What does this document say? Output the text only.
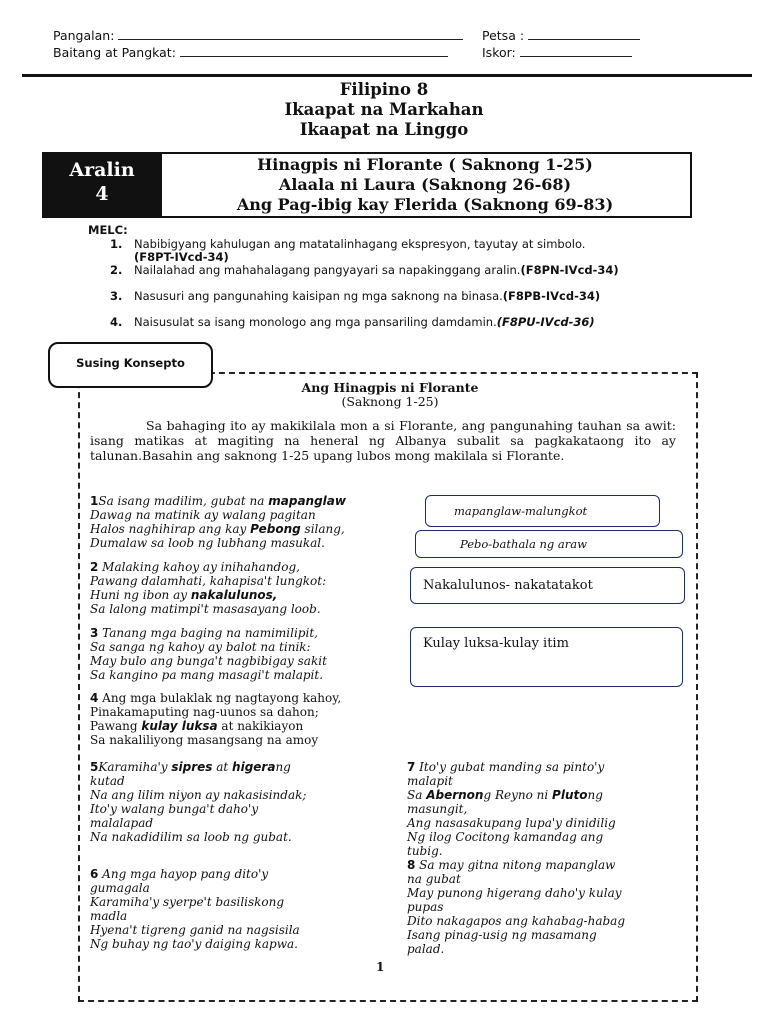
Pangalan:	Petsa :
Baitang at Pangkat:	Iskor:
Filipino 8
Ikaapat na Markahan
Ikaapat na Linggo
Aralin
4
Hinagpis ni Florante ( Saknong 1-25)
Alaala ni Laura (Saknong 26-68)
Ang Pag-ibig kay Flerida (Saknong 69-83)
MELC:
1. Nabibigyang kahulugan ang matatalinhagang ekspresyon, tayutay at simbolo.
(F8PT-IVcd-34)
2. Nailalahad ang mahahalagang pangyayari sa napakinggang aralin.(F8PN-IVcd-34)
3. Nasusuri ang pangunahing kaisipan ng mga saknong na binasa.(F8PB-IVcd-34)
4. Naisusulat sa isang monologo ang mga pansariling damdamin.(F8PU-IVcd-36)
Susing Konsepto
Ang Hinagpis ni Florante
(Saknong 1-25)
Sa bahaging ito ay makikilala mon a si Florante, ang pangunahing tauhan sa awit: isang matikas at magiting na heneral ng Albanya subalit sa pagkakataong ito ay talunan.Basahin ang saknong 1-25 upang lubos mong makilala si Florante.
1Sa isang madilim, gubat na mapanglaw
Dawag na matinik ay walang pagitan
Halos naghihirap ang kay Pebong silang,
Dumalaw sa loob ng lubhang masukal.
2 Malaking kahoy ay inihahandog,
Pawang dalamhati, kahapisa't lungkot:
Huni ng ibon ay nakalulunos,
Sa lalong matimpi't masasayang loob.
3 Tanang mga baging na namimilipit,
Sa sanga ng kahoy ay balot na tinik:
May bulo ang bunga't nagbibigay sakit
Sa kangino pa mang masagi't malapit.
4 Ang mga bulaklak ng nagtayong kahoy,
Pinakamaputing nag-uunos sa dahon;
Pawang kulay luksa at nakikiayon
Sa nakaliliyong masangsang na amoy
5Karamiha'y sipres at higerang
kutad
Na ang lilim niyon ay nakasisindak;
Ito'y walang bunga't daho'y
malalapad
Na nakadidilim sa loob ng gubat.
6 Ang mga hayop pang dito'y
gumagala
Karamiha'y syerpe't basiliskong
madla
Hyena't tigreng ganid na nagsisila
Ng buhay ng tao'y daiging kapwa.
7 Ito'y gubat manding sa pinto'y
malapit
Sa Abernong Reyno ni Plutong
masungit,
Ang nasasakupang lupa'y dinidilig
Ng ilog Cocitong kamandag ang
tubig.
8 Sa may gitna nitong mapanglaw
na gubat
May punong higerang daho'y kulay
pupas
Dito nakagapos ang kahabag-habag
Isang pinag-usig ng masamang
palad.
mapanglaw-malungkot
Pebo-bathala ng araw
Nakalulunos- nakatatakot
Kulay luksa-kulay itim
1
